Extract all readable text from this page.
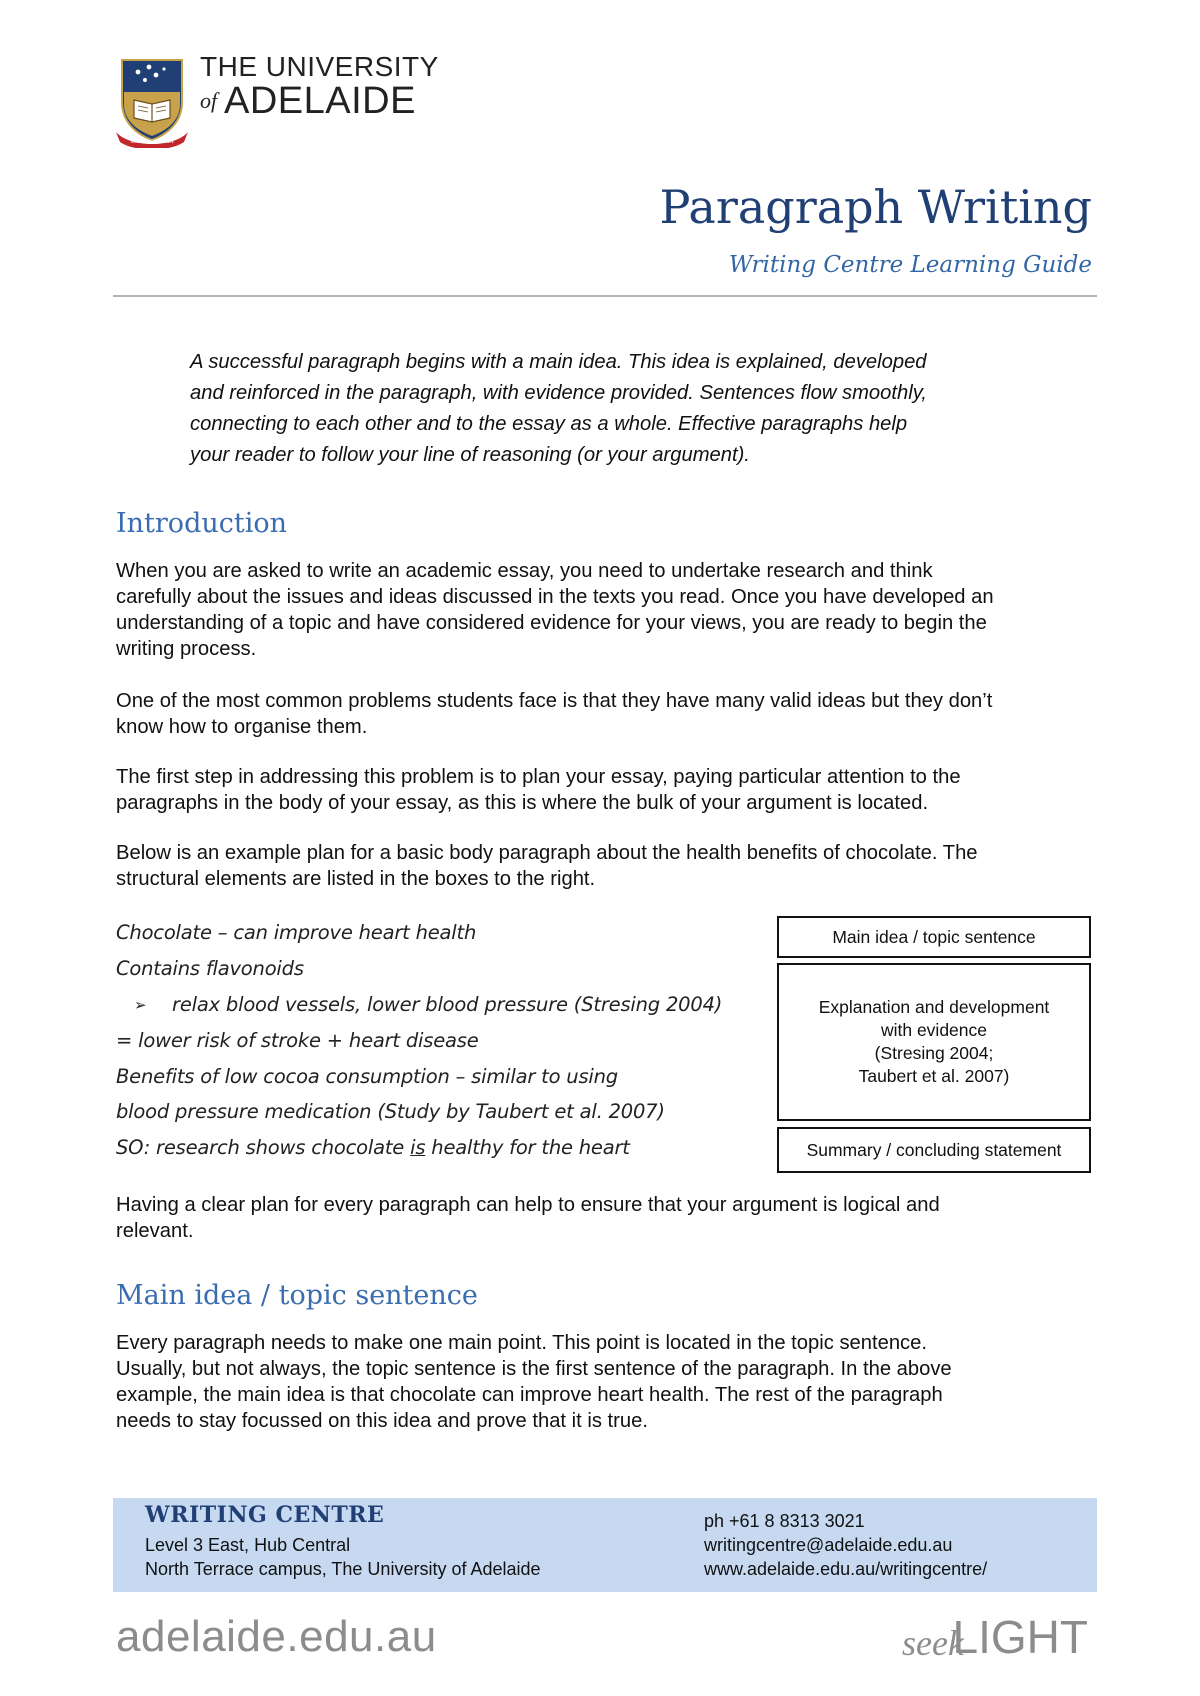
SUB CRUCE LUMEN
THE UNIVERSITY
of ADELAIDE
Paragraph Writing
Writing Centre Learning Guide
A successful paragraph begins with a main idea. This idea is explained, developed
and reinforced in the paragraph, with evidence provided. Sentences flow smoothly,
connecting to each other and to the essay as a whole. Effective paragraphs help
your reader to follow your line of reasoning (or your argument).
Introduction
When you are asked to write an academic essay, you need to undertake research and think
carefully about the issues and ideas discussed in the texts you read. Once you have developed an
understanding of a topic and have considered evidence for your views, you are ready to begin the
writing process.
One of the most common problems students face is that they have many valid ideas but they don’t
know how to organise them.
The first step in addressing this problem is to plan your essay, paying particular attention to the
paragraphs in the body of your essay, as this is where the bulk of your argument is located.
Below is an example plan for a basic body paragraph about the health benefits of chocolate. The
structural elements are listed in the boxes to the right.
Chocolate – can improve heart health
Contains flavonoids
➢ relax blood vessels, lower blood pressure (Stresing 2004)
= lower risk of stroke + heart disease
Benefits of low cocoa consumption – similar to using
blood pressure medication (Study by Taubert et al. 2007)
SO: research shows chocolate is healthy for the heart
Main idea / topic sentence
Explanation and development
with evidence
(Stresing 2004;
Taubert et al. 2007)
Summary / concluding statement
Having a clear plan for every paragraph can help to ensure that your argument is logical and
relevant.
Main idea / topic sentence
Every paragraph needs to make one main point. This point is located in the topic sentence.
Usually, but not always, the topic sentence is the first sentence of the paragraph. In the above
example, the main idea is that chocolate can improve heart health. The rest of the paragraph
needs to stay focussed on this idea and prove that it is true.
WRITING CENTRE
Level 3 East, Hub Central
North Terrace campus, The University of Adelaide
ph +61 8 8313 3021
writingcentre@adelaide.edu.au
www.adelaide.edu.au/writingcentre/
adelaide.edu.au	seek
LIGHT
